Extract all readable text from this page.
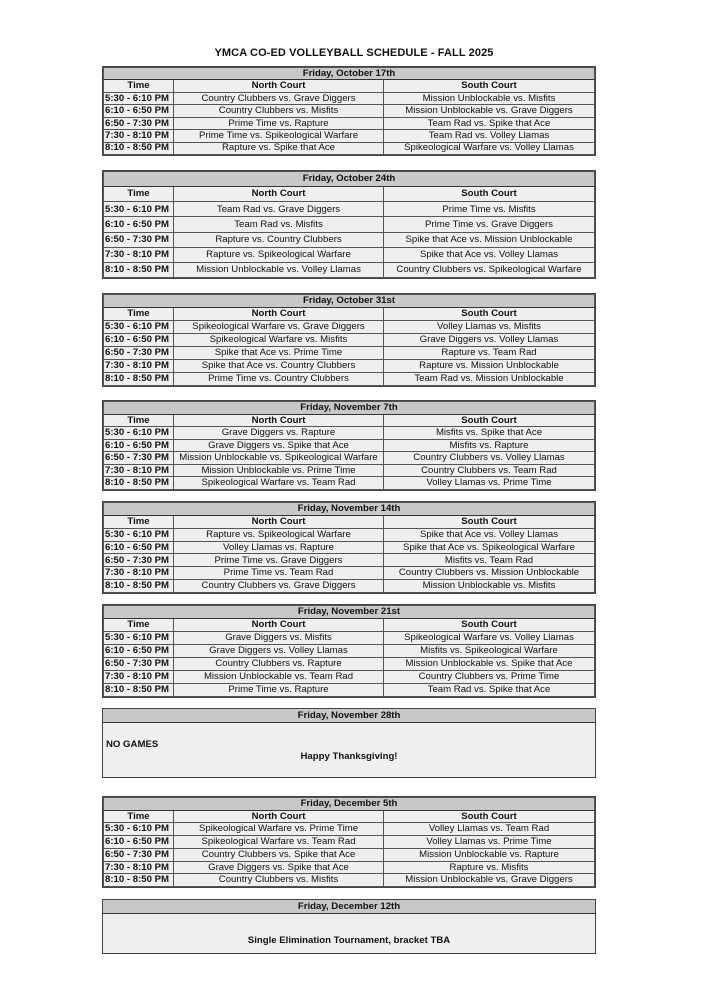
YMCA CO-ED VOLLEYBALL SCHEDULE - FALL 2025
Friday, October 17th		
Time	North Court	South Court
5:30 - 6:10 PM	Country Clubbers vs. Grave Diggers	Mission Unblockable vs. Misfits
6:10 - 6:50 PM	Country Clubbers vs. Misfits	Mission Unblockable vs. Grave Diggers
6:50 - 7:30 PM	Prime Time vs. Rapture	Team Rad vs. Spike that Ace
7:30 - 8:10 PM	Prime Time vs. Spikeological Warfare	Team Rad vs. Volley Llamas
8:10 - 8:50 PM	Rapture vs. Spike that Ace	Spikeological Warfare vs. Volley Llamas
Friday, October 24th		
Time	North Court	South Court
5:30 - 6:10 PM	Team Rad vs. Grave Diggers	Prime Time vs. Misfits
6:10 - 6:50 PM	Team Rad vs. Misfits	Prime Time vs. Grave Diggers
6:50 - 7:30 PM	Rapture vs. Country Clubbers	Spike that Ace vs. Mission Unblockable
7:30 - 8:10 PM	Rapture vs. Spikeological Warfare	Spike that Ace vs. Volley Llamas
8:10 - 8:50 PM	Mission Unblockable vs. Volley Llamas	Country Clubbers vs. Spikeological Warfare
Friday, October 31st		
Time	North Court	South Court
5:30 - 6:10 PM	Spikeological Warfare vs. Grave Diggers	Volley Llamas vs. Misfits
6:10 - 6:50 PM	Spikeological Warfare vs. Misfits	Grave Diggers vs. Volley Llamas
6:50 - 7:30 PM	Spike that Ace vs. Prime Time	Rapture vs. Team Rad
7:30 - 8:10 PM	Spike that Ace vs. Country Clubbers	Rapture vs. Mission Unblockable
8:10 - 8:50 PM	Prime Time vs. Country Clubbers	Team Rad vs. Mission Unblockable
Friday, November 7th		
Time	North Court	South Court
5:30 - 6:10 PM	Grave Diggers vs. Rapture	Misfits vs. Spike that Ace
6:10 - 6:50 PM	Grave Diggers vs. Spike that Ace	Misfits vs. Rapture
6:50 - 7:30 PM	Mission Unblockable vs. Spikeological Warfare	Country Clubbers vs. Volley Llamas
7:30 - 8:10 PM	Mission Unblockable vs. Prime Time	Country Clubbers vs. Team Rad
8:10 - 8:50 PM	Spikeological Warfare vs. Team Rad	Volley Llamas vs. Prime Time
Friday, November 14th		
Time	North Court	South Court
5:30 - 6:10 PM	Rapture vs. Spikeological Warfare	Spike that Ace vs. Volley Llamas
6:10 - 6:50 PM	Volley Llamas vs. Rapture	Spike that Ace vs. Spikeological Warfare
6:50 - 7:30 PM	Prime Time vs. Grave Diggers	Misfits vs. Team Rad
7:30 - 8:10 PM	Prime Time vs. Team Rad	Country Clubbers vs. Mission Unblockable
8:10 - 8:50 PM	Country Clubbers vs. Grave Diggers	Mission Unblockable vs. Misfits
Friday, November 21st		
Time	North Court	South Court
5:30 - 6:10 PM	Grave Diggers vs. Misfits	Spikeological Warfare vs. Volley Llamas
6:10 - 6:50 PM	Grave Diggers vs. Volley Llamas	Misfits vs. Spikeological Warfare
6:50 - 7:30 PM	Country Clubbers vs. Rapture	Mission Unblockable vs. Spike that Ace
7:30 - 8:10 PM	Mission Unblockable vs. Team Rad	Country Clubbers vs. Prime Time
8:10 - 8:50 PM	Prime Time vs. Rapture	Team Rad vs. Spike that Ace
Friday, December 5th		
Time	North Court	South Court
5:30 - 6:10 PM	Spikeological Warfare vs. Prime Time	Volley Llamas vs. Team Rad
6:10 - 6:50 PM	Spikeological Warfare vs. Team Rad	Volley Llamas vs. Prime Time
6:50 - 7:30 PM	Country Clubbers vs. Spike that Ace	Mission Unblockable vs. Rapture
7:30 - 8:10 PM	Grave Diggers vs. Spike that Ace	Rapture vs. Misfits
8:10 - 8:50 PM	Country Clubbers vs. Misfits	Mission Unblockable vs. Grave Diggers
Friday, November 28th
NO GAMES
Happy Thanksgiving!
Friday, December 12th
Single Elimination Tournament, bracket TBA
